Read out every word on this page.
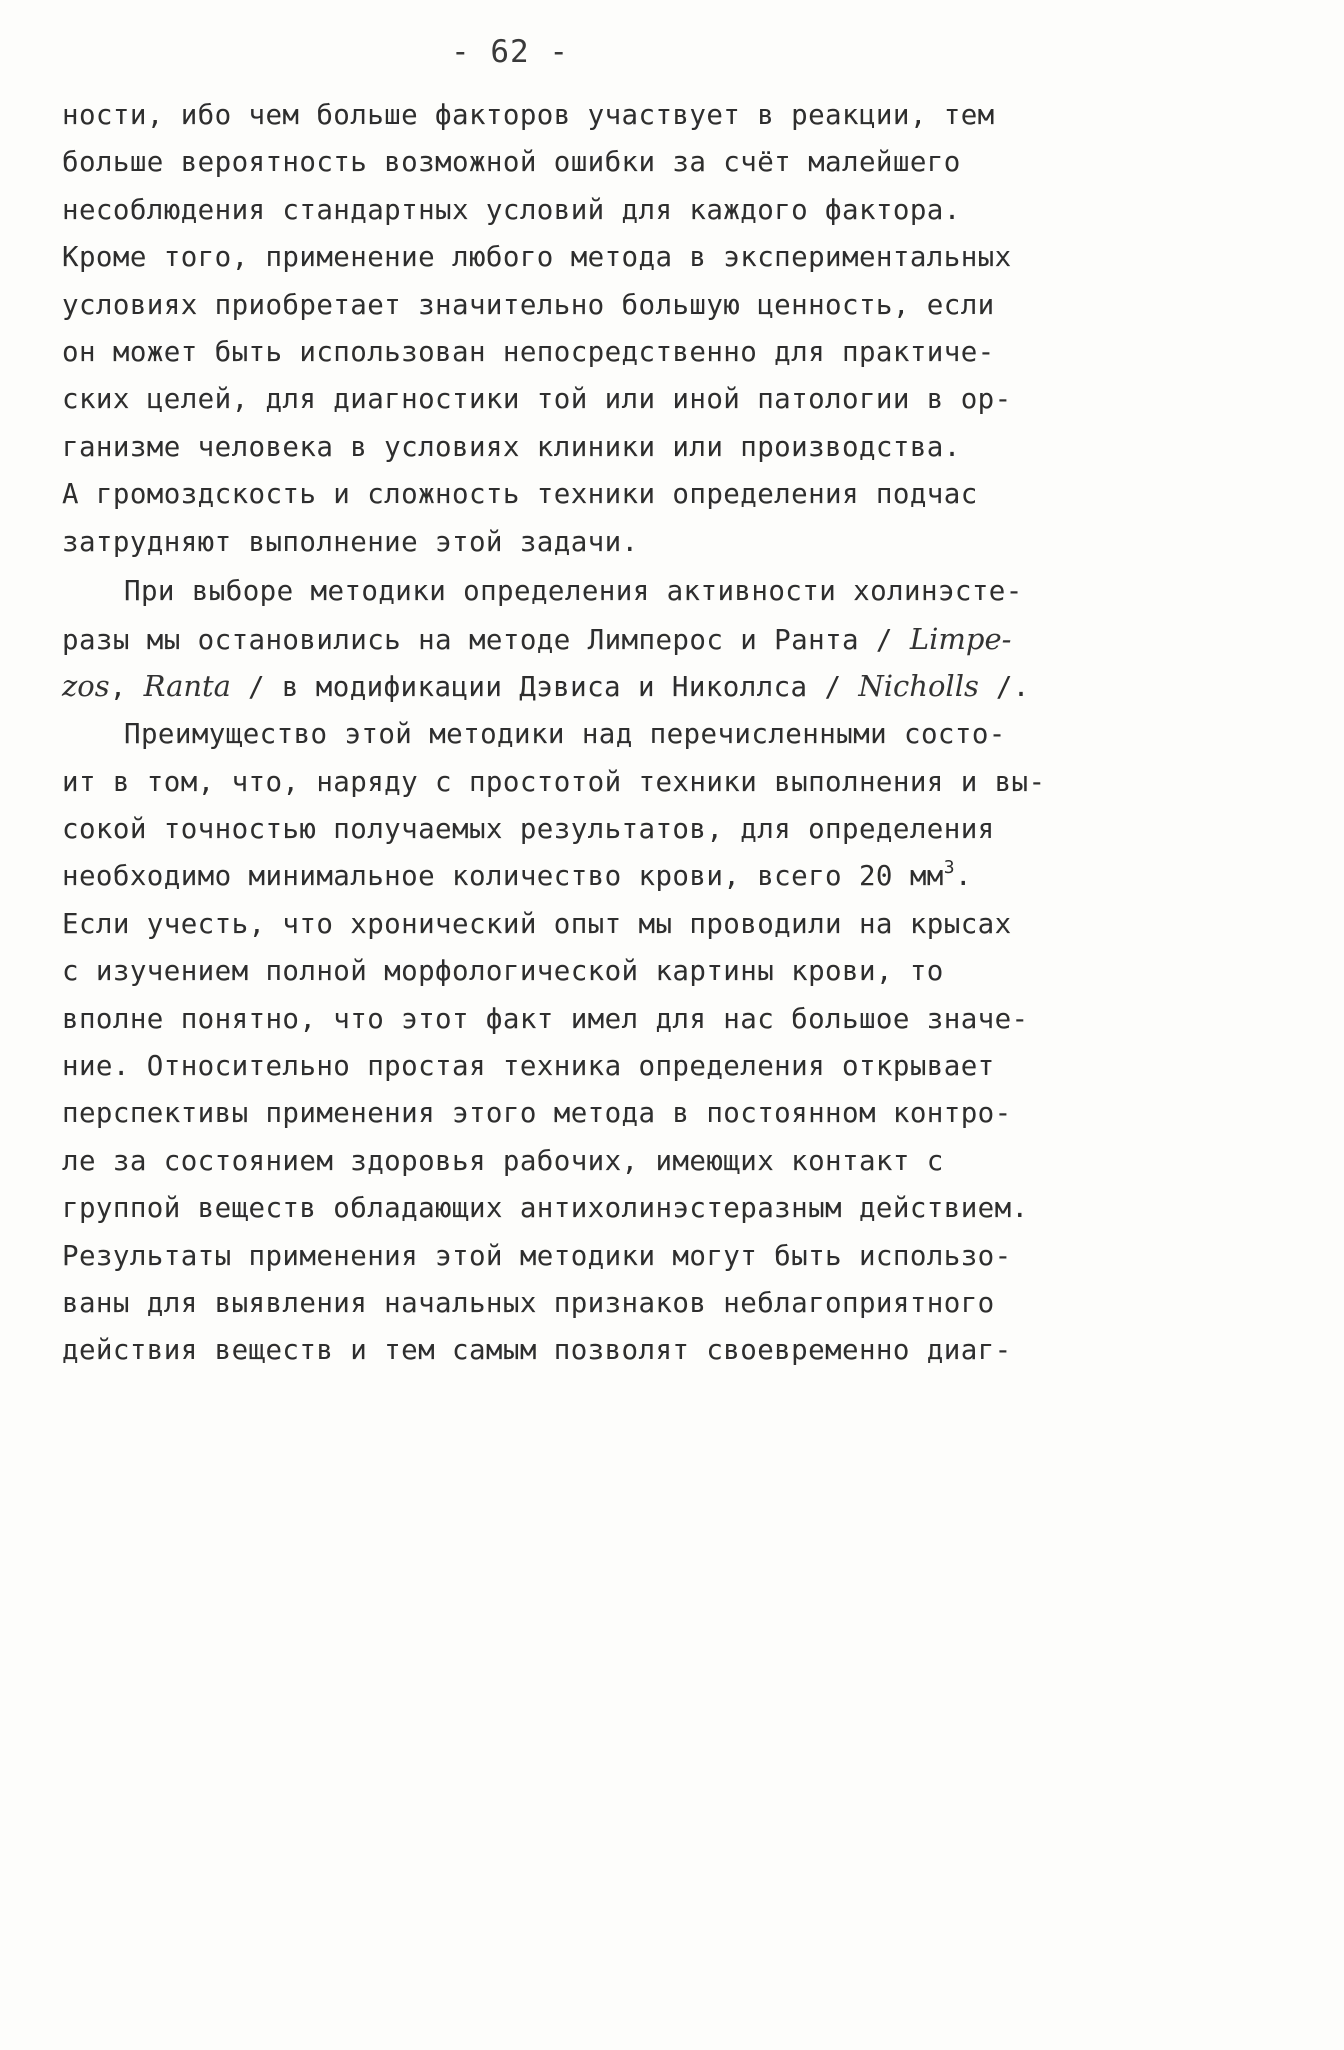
- 62 -
ности, ибо чем больше факторов участвует в реакции, тем
больше вероятность возможной ошибки за счёт малейшего
несоблюдения стандартных условий для каждого фактора.
Кроме того, применение любого метода в экспериментальных
условиях приобретает значительно большую ценность, если
он может быть использован непосредственно для практиче-
ских целей, для диагностики той или иной патологии в ор-
ганизме человека в условиях клиники или производства.
А громоздскость и сложность техники определения подчас
затрудняют выполнение этой задачи.
При выборе методики определения активности холинэсте-
разы мы остановились на методе Лимперос и Ранта / Limpe-
zos, Ranta / в модификации Дэвиса и Николлса / Nicholls /.
Преимущество этой методики над перечисленными состо-
ит в том, что, наряду с простотой техники выполнения и вы-
сокой точностью получаемых результатов, для определения
необходимо минимальное количество крови, всего 20 $мм^3$.
Если учесть, что хронический опыт мы проводили на крысах
с изучением полной морфологической картины крови, то
вполне понятно, что этот факт имел для нас большое значе-
ние. Относительно простая техника определения открывает
перспективы применения этого метода в постоянном контро-
ле за состоянием здоровья рабочих, имеющих контакт с
группой веществ обладающих антихолинэстеразным действием.
Результаты применения этой методики могут быть использо-
ваны для выявления начальных признаков неблагоприятного
действия веществ и тем самым позволят своевременно диаг-
